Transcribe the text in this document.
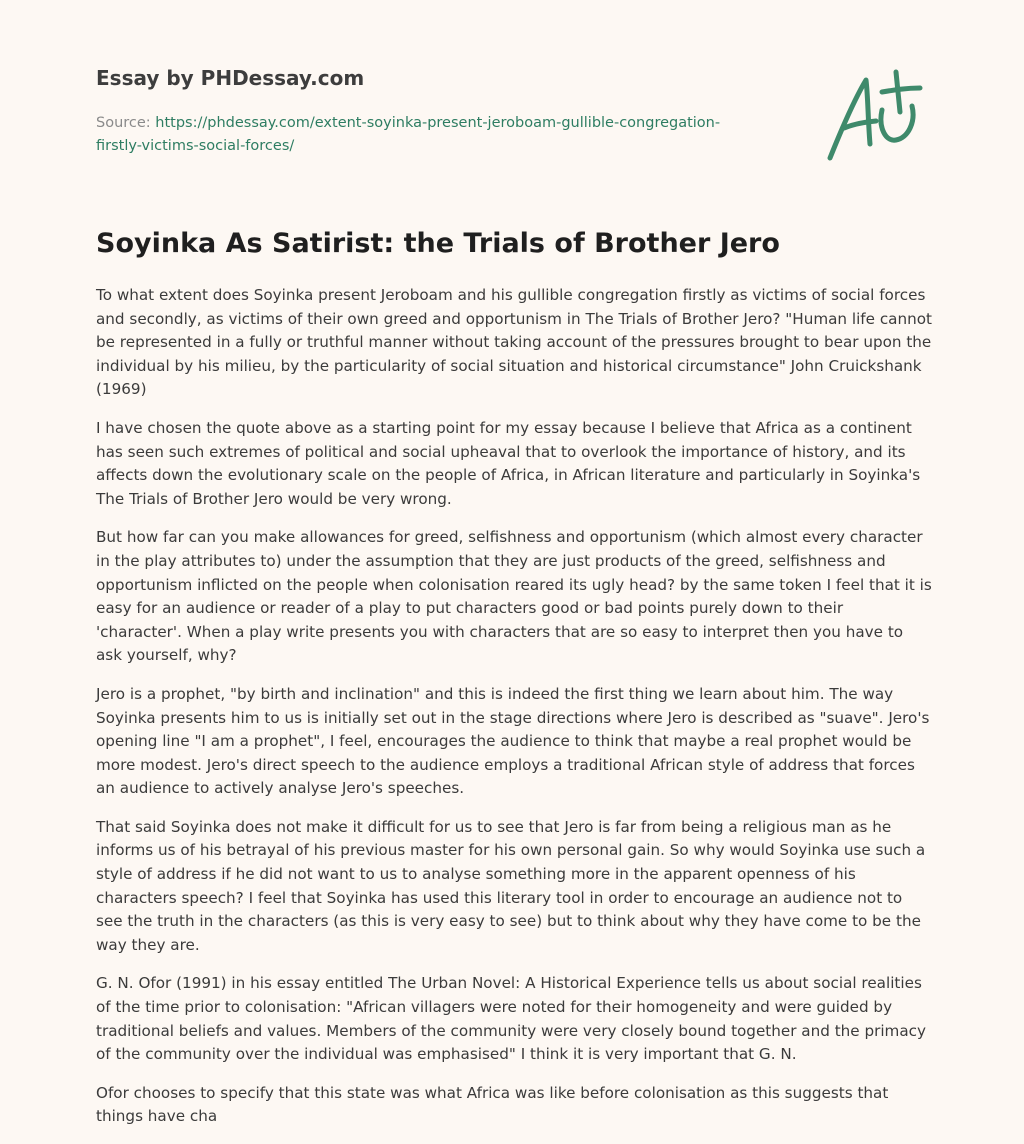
Essay by PHDessay.com
Source: https://phdessay.com/extent-soyinka-present-jeroboam-gullible-congregation-firstly-victims-social-forces/
Soyinka As Satirist: the Trials of Brother Jero

To what extent does Soyinka present Jeroboam and his gullible congregation firstly as victims of social forces and secondly, as victims of their own greed and opportunism in The Trials of Brother Jero? "Human life cannot be represented in a fully or truthful manner without taking account of the pressures brought to bear upon the individual by his milieu, by the particularity of social situation and historical circumstance" John Cruickshank (1969)

I have chosen the quote above as a starting point for my essay because I believe that Africa as a continent has seen such extremes of political and social upheaval that to overlook the importance of history, and its affects down the evolutionary scale on the people of Africa, in African literature and particularly in Soyinka's The Trials of Brother Jero would be very wrong.

But how far can you make allowances for greed, selfishness and opportunism (which almost every character in the play attributes to) under the assumption that they are just products of the greed, selfishness and opportunism inflicted on the people when colonisation reared its ugly head? by the same token I feel that it is easy for an audience or reader of a play to put characters good or bad points purely down to their 'character'. When a play write presents you with characters that are so easy to interpret then you have to ask yourself, why?

Jero is a prophet, "by birth and inclination" and this is indeed the first thing we learn about him. The way Soyinka presents him to us is initially set out in the stage directions where Jero is described as "suave". Jero's opening line "I am a prophet", I feel, encourages the audience to think that maybe a real prophet would be more modest. Jero's direct speech to the audience employs a traditional African style of address that forces an audience to actively analyse Jero's speeches.

That said Soyinka does not make it difficult for us to see that Jero is far from being a religious man as he informs us of his betrayal of his previous master for his own personal gain. So why would Soyinka use such a style of address if he did not want to us to analyse something more in the apparent openness of his characters speech? I feel that Soyinka has used this literary tool in order to encourage an audience not to see the truth in the characters (as this is very easy to see) but to think about why they have come to be the way they are.

G. N. Ofor (1991) in his essay entitled The Urban Novel: A Historical Experience tells us about social realities of the time prior to colonisation: "African villagers were noted for their homogeneity and were guided by traditional beliefs and values. Members of the community were very closely bound together and the primacy of the community over the individual was emphasised" I think it is very important that G. N.

Ofor chooses to specify that this state was what Africa was like before colonisation as this suggests that things have cha
